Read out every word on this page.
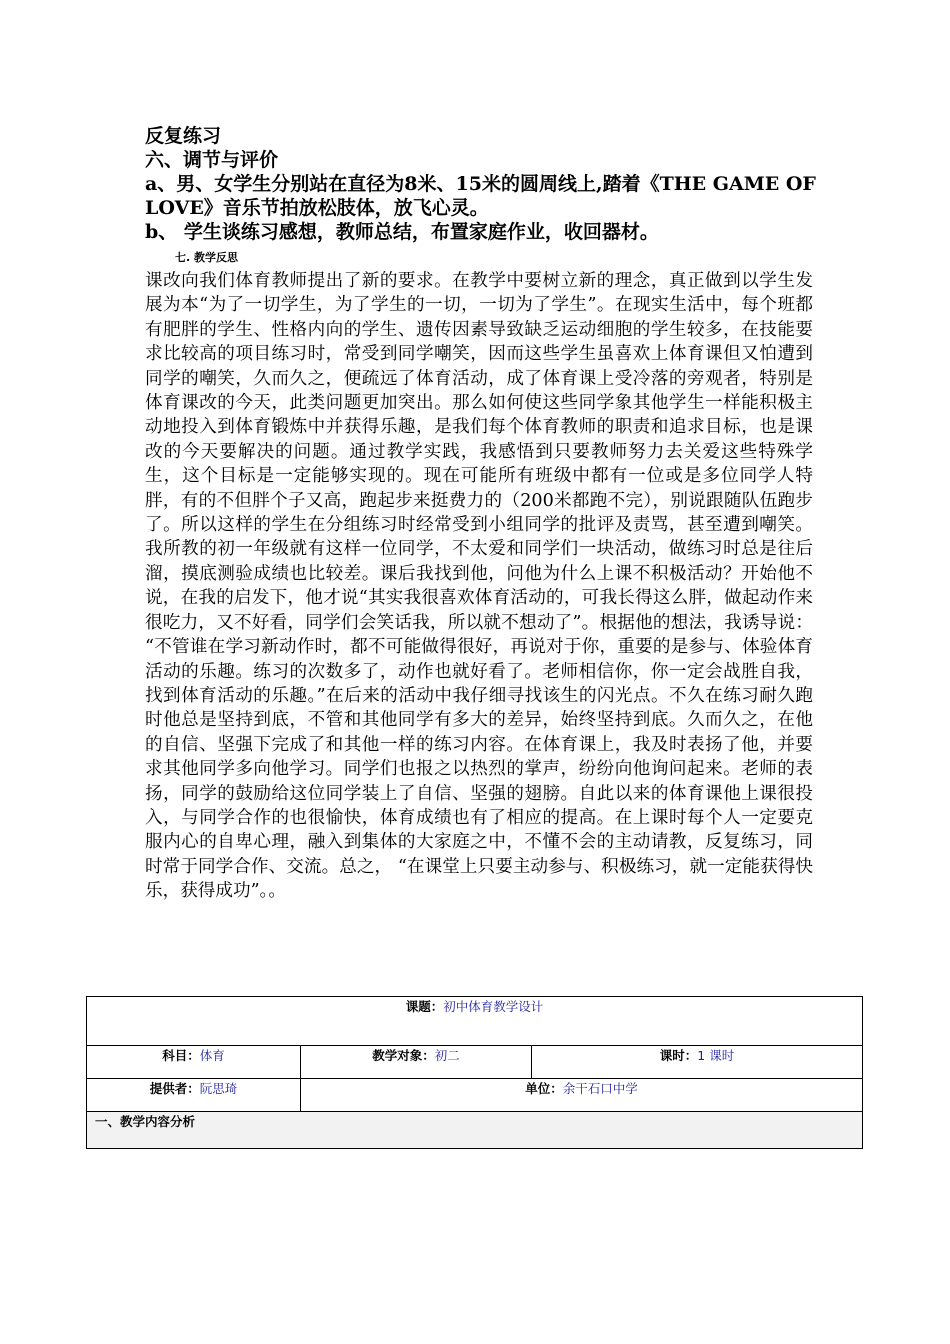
反复练习

六、调节与评价

a、男、女学生分别站在直径为8米、15米的圆周线上,踏着《THE GAME OF LOVE》音乐节拍放松肢体，放飞心灵。

b、 学生谈练习感想，教师总结，布置家庭作业，收回器材。

七. 教学反思

课改向我们体育教师提出了新的要求。在教学中要树立新的理念，真正做到以学生发展为本“为了一切学生，为了学生的一切，一切为了学生”。在现实生活中，每个班都有肥胖的学生、性格内向的学生、遗传因素导致缺乏运动细胞的学生较多，在技能要求比较高的项目练习时，常受到同学嘲笑，因而这些学生虽喜欢上体育课但又怕遭到同学的嘲笑，久而久之，便疏远了体育活动，成了体育课上受冷落的旁观者，特别是体育课改的今天，此类问题更加突出。那么如何使这些同学象其他学生一样能积极主动地投入到体育锻炼中并获得乐趣，是我们每个体育教师的职责和追求目标，也是课改的今天要解决的问题。通过教学实践，我感悟到只要教师努力去关爱这些特殊学生，这个目标是一定能够实现的。现在可能所有班级中都有一位或是多位同学人特胖，有的不但胖个子又高，跑起步来挺费力的（200米都跑不完），别说跟随队伍跑步了。所以这样的学生在分组练习时经常受到小组同学的批评及责骂，甚至遭到嘲笑。我所教的初一年级就有这样一位同学，不太爱和同学们一块活动，做练习时总是往后溜，摸底测验成绩也比较差。课后我找到他，问他为什么上课不积极活动？开始他不说，在我的启发下，他才说“其实我很喜欢体育活动的，可我长得这么胖，做起动作来很吃力，又不好看，同学们会笑话我，所以就不想动了”。根据他的想法，我诱导说： “不管谁在学习新动作时，都不可能做得很好，再说对于你，重要的是参与、体验体育活动的乐趣。练习的次数多了，动作也就好看了。老师相信你，你一定会战胜自我，找到体育活动的乐趣。”在后来的活动中我仔细寻找该生的闪光点。不久在练习耐久跑时他总是坚持到底，不管和其他同学有多大的差异，始终坚持到底。久而久之，在他的自信、坚强下完成了和其他一样的练习内容。在体育课上，我及时表扬了他，并要求其他同学多向他学习。同学们也报之以热烈的掌声，纷纷向他询问起来。老师的表扬，同学的鼓励给这位同学装上了自信、坚强的翅膀。自此以来的体育课他上课很投入，与同学合作的也很愉快，体育成绩也有了相应的提高。在上课时每个人一定要克服内心的自卑心理，融入到集体的大家庭之中，不懂不会的主动请教，反复练习，同时常于同学合作、交流。总之， “在课堂上只要主动参与、积极练习，就一定能获得快乐，获得成功”。。

课题：初中体育教学设计		
科目：体育	教学对象：初二	课时：1 课时
提供者：阮思琦	单位：余干石口中学	
一、教学内容分析		
